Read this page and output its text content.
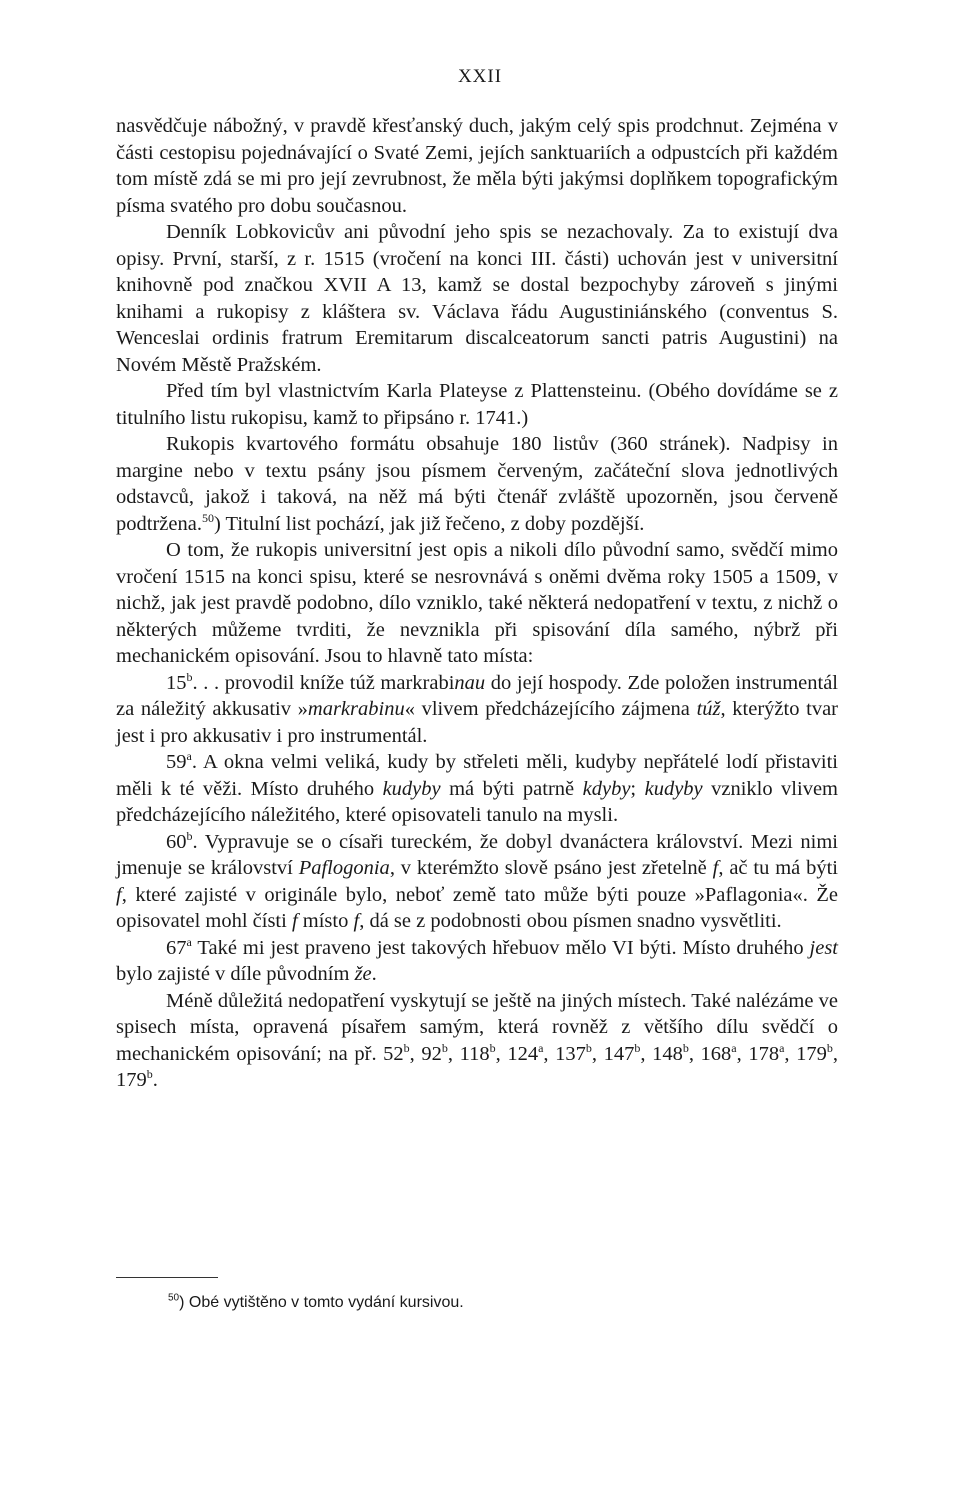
XXII

nasvědčuje nábožný, v pravdě křesťanský duch, jakým celý spis prodchnut. Zejména v části cestopisu pojednávající o Svaté Zemi, jejích sanktuariích a odpustcích při každém tom místě zdá se mi pro její zevrubnost, že měla býti jakýmsi doplňkem topografickým písma svatého pro dobu současnou.

Denník Lobkovicův ani původní jeho spis se nezachovaly. Za to existují dva opisy. První, starší, z r. 1515 (vročení na konci III. části) uchován jest v universitní knihovně pod značkou XVII A 13, kamž se dostal bezpochyby zároveň s jinými knihami a rukopisy z kláštera sv. Václava řádu Augustiniánského (conventus S. Wenceslai ordinis fratrum Eremitarum discalceatorum sancti patris Augustini) na Novém Městě Pražském.

Před tím byl vlastnictvím Karla Plateyse z Plattensteinu. (Obého dovídáme se z titulního listu rukopisu, kamž to připsáno r. 1741.)

Rukopis kvartového formátu obsahuje 180 listův (360 stránek). Nadpisy in margine nebo v textu psány jsou písmem červeným, začáteční slova jednotlivých odstavců, jakož i taková, na něž má býti čtenář zvláště upozorněn, jsou červeně podtržena.$^{50}$) Titulní list pochází, jak již řečeno, z doby pozdější.

O tom, že rukopis universitní jest opis a nikoli dílo původní samo, svědčí mimo vročení 1515 na konci spisu, které se nesrovnává s oněmi dvěma roky 1505 a 1509, v nichž, jak jest pravdě podobno, dílo vzniklo, také některá nedopatření v textu, z nichž o některých můžeme tvrditi, že nevznikla při spisování díla samého, nýbrž při mechanickém opisování. Jsou to hlavně tato místa:

15$^b$. . . provodil kníže túž markrabinau do její hospody. Zde položen instrumentál za náležitý akkusativ »markrabinu« vlivem předcházejícího zájmena túž, kterýžto tvar jest i pro akkusativ i pro instrumentál.

59$^a$. A okna velmi veliká, kudy by střeleti měli, kudyby nepřátelé lodí přistaviti měli k té věži. Místo druhého kudyby má býti patrně kdyby; kudyby vzniklo vlivem předcházejícího náležitého, které opisovateli tanulo na mysli.

60$^b$. Vypravuje se o císaři tureckém, že dobyl dvanáctera království. Mezi nimi jmenuje se království Paflogonia, v kterémžto slově psáno jest zřetelně f, ač tu má býti f, které zajisté v originále bylo, neboť země tato může býti pouze »Paflagonia«. Že opisovatel mohl čísti f místo f, dá se z podobnosti obou písmen snadno vysvětliti.

67$^a$ Také mi jest praveno jest takových hřebuov mělo VI býti. Místo druhého jest bylo zajisté v díle původním že.

Méně důležitá nedopatření vyskytují se ještě na jiných místech. Také nalézáme ve spisech místa, opravená písařem samým, která rovněž z většího dílu svědčí o mechanickém opisování; na př. 52$^b$, 92$^b$, 118$^b$, 124$^a$, 137$^b$, 147$^b$, 148$^b$, 168$^a$, 178$^a$, 179$^b$, 179$^b$.

$^{50}$) Obé vytištěno v tomto vydání kursivou.
